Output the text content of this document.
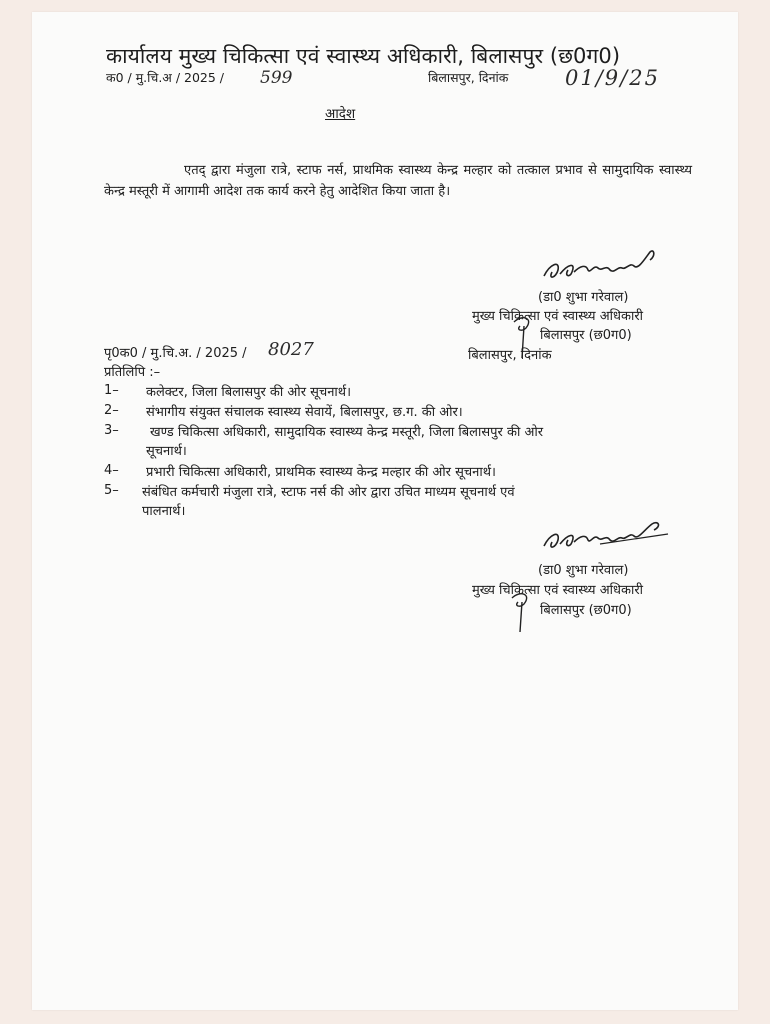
कार्यालय मुख्य चिकित्सा एवं स्वास्थ्य अधिकारी, बिलासपुर (छ0ग0)
क0 / मु.चि.अ / 2025 / 599	बिलासपुर, दिनांक	01/9/25
आदेश
एतद् द्वारा मंजुला रात्रे, स्टाफ नर्स, प्राथमिक स्वास्थ्य केन्द्र मल्हार को तत्काल प्रभाव से सामुदायिक स्वास्थ्य केन्द्र मस्तूरी में आगामी आदेश तक कार्य करने हेतु आदेशित किया जाता है।
(डा0 शुभा गरेवाल)
मुख्य चिकित्सा एवं स्वास्थ्य अधिकारी
बिलासपुर (छ0ग0)
पृ0क0 / मु.चि.अ. / 2025 / 8027	बिलासपुर, दिनांक
प्रतिलिपि :–
1– कलेक्टर, जिला बिलासपुर की ओर सूचनार्थ।
2– संभागीय संयुक्त संचालक स्वास्थ्य सेवायें, बिलासपुर, छ.ग. की ओर।
3– खण्ड चिकित्सा अधिकारी, सामुदायिक स्वास्थ्य केन्द्र मस्तूरी, जिला बिलासपुर की ओर
सूचनार्थ।
4– प्रभारी चिकित्सा अधिकारी, प्राथमिक स्वास्थ्य केन्द्र मल्हार की ओर सूचनार्थ।
5– संबंधित कर्मचारी मंजुला रात्रे, स्टाफ नर्स की ओर द्वारा उचित माध्यम सूचनार्थ एवं
पालनार्थ।
(डा0 शुभा गरेवाल)
मुख्य चिकित्सा एवं स्वास्थ्य अधिकारी
बिलासपुर (छ0ग0)
